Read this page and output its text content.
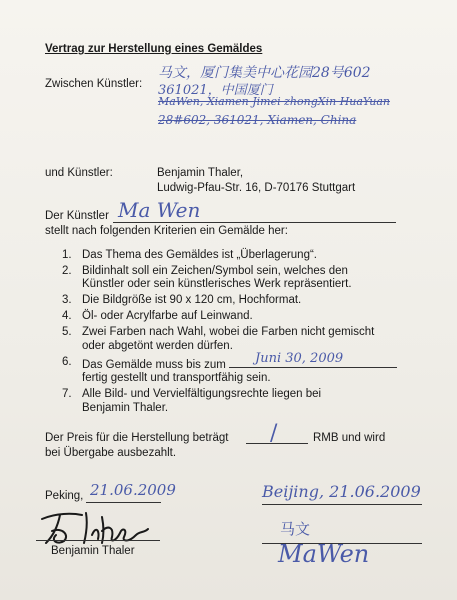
Vertrag zur Herstellung eines Gemäldes
Zwischen Künstler:
马文，厦门集美中心花园28号602
361021，中国厦门
MaWen, Xiamen Jimei zhongXin HuaYuan
28#602, 361021, Xiamen, China
und Künstler:	Benjamin Thaler,
Ludwig-Pfau-Str. 16, D-70176 Stuttgart
Der Künstler Ma Wen
stellt nach folgenden Kriterien ein Gemälde her:
1. Das Thema des Gemäldes ist „Überlagerung“.
2. Bildinhalt soll ein Zeichen/Symbol sein, welches den
Künstler oder sein künstlerisches Werk repräsentiert.
3. Die Bildgröße ist 90 x 120 cm, Hochformat.
4. Öl- oder Acrylfarbe auf Leinwand.
5. Zwei Farben nach Wahl, wobei die Farben nicht gemischt
oder abgetönt werden dürfen.
6. Das Gemälde muss bis zum Juni 30, 2009

fertig gestellt und transportfähig sein.
7. Alle Bild- und Vervielfältigungsrechte liegen bei
Benjamin Thaler.
Der Preis für die Herstellung beträgt /	RMB und wird
bei Übergabe ausbezahlt.
Peking, 21.06.2009
Benjamin Thaler
Beijing, 21.06.2009
马文
MaWen
